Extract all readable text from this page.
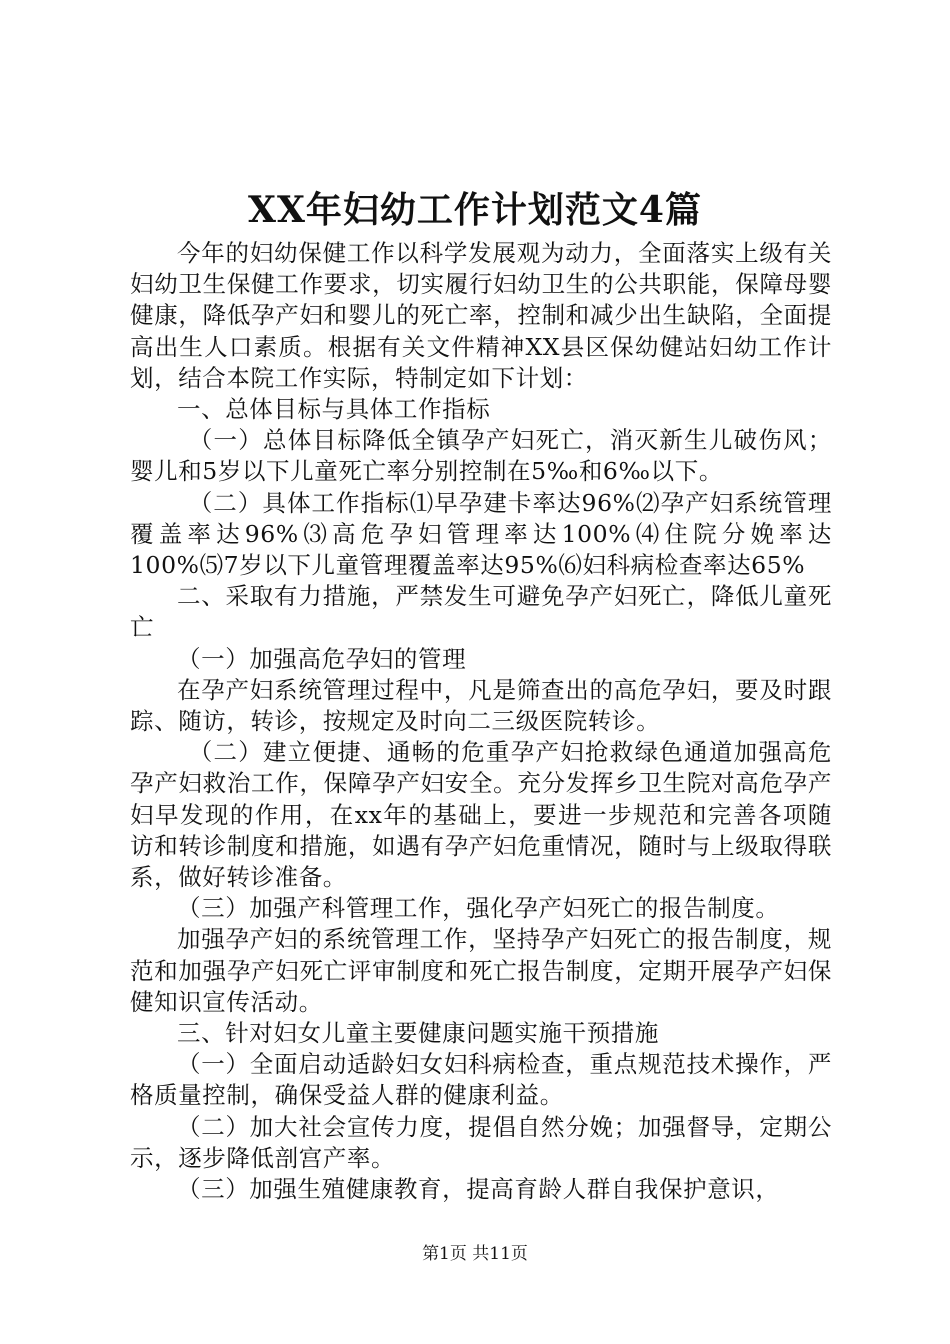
XX年妇幼工作计划范文4篇

今年的妇幼保健工作以科学发展观为动力，全面落实上级有关妇幼卫生保健工作要求，切实履行妇幼卫生的公共职能，保障母婴健康，降低孕产妇和婴儿的死亡率，控制和减少出生缺陷，全面提高出生人口素质。根据有关文件精神XX县区保幼健站妇幼工作计划，结合本院工作实际，特制定如下计划：

一、总体目标与具体工作指标

（一）总体目标降低全镇孕产妇死亡，消灭新生儿破伤风；婴儿和5岁以下儿童死亡率分别控制在5‰和6‰以下。

（二）具体工作指标⑴早孕建卡率达96%⑵孕产妇系统管理覆盖率达96%⑶高危孕妇管理率达100%⑷住院分娩率达100%⑸7岁以下儿童管理覆盖率达95%⑹妇科病检查率达65%

二、采取有力措施，严禁发生可避免孕产妇死亡，降低儿童死亡

（一）加强高危孕妇的管理

在孕产妇系统管理过程中，凡是筛查出的高危孕妇，要及时跟踪、随访，转诊，按规定及时向二三级医院转诊。

（二）建立便捷、通畅的危重孕产妇抢救绿色通道加强高危孕产妇救治工作，保障孕产妇安全。充分发挥乡卫生院对高危孕产妇早发现的作用，在xx年的基础上，要进一步规范和完善各项随访和转诊制度和措施，如遇有孕产妇危重情况，随时与上级取得联系，做好转诊准备。

（三）加强产科管理工作，强化孕产妇死亡的报告制度。

加强孕产妇的系统管理工作，坚持孕产妇死亡的报告制度，规范和加强孕产妇死亡评审制度和死亡报告制度，定期开展孕产妇保健知识宣传活动。

三、针对妇女儿童主要健康问题实施干预措施

（一）全面启动适龄妇女妇科病检查，重点规范技术操作，严格质量控制，确保受益人群的健康利益。

（二）加大社会宣传力度，提倡自然分娩；加强督导，定期公示，逐步降低剖宫产率。

（三）加强生殖健康教育，提高育龄人群自我保护意识，

第1页 共11页
